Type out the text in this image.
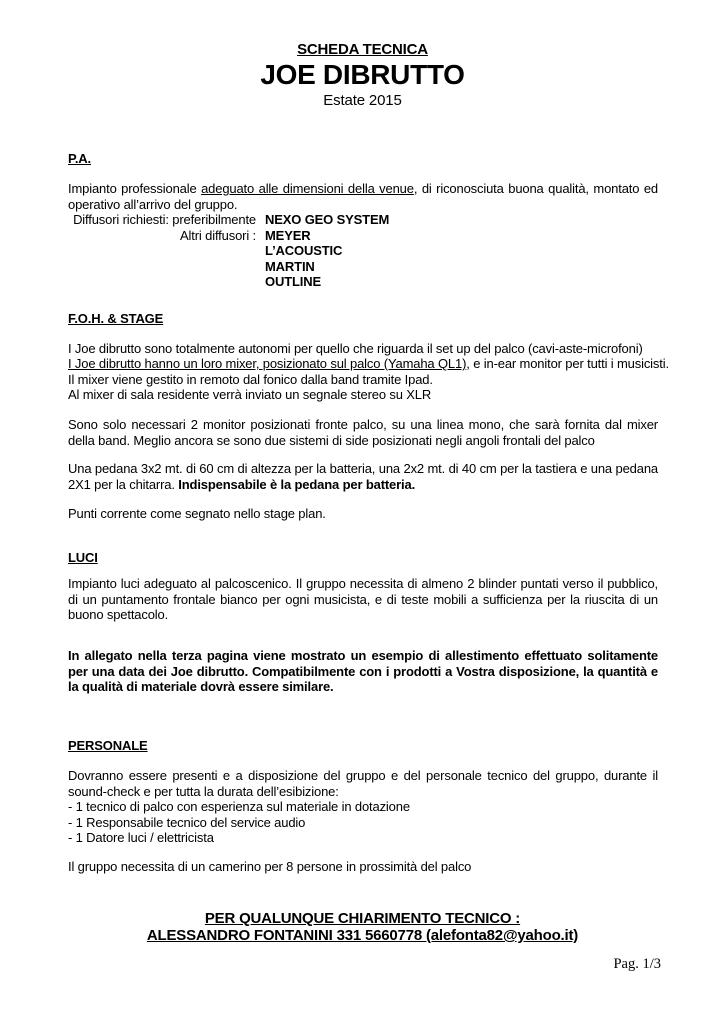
SCHEDA TECNICA
JOE DIBRUTTO
Estate 2015
P.A.

Impianto professionale adeguato alle dimensioni della venue, di riconosciuta buona qualità, montato ed operativo all’arrivo del gruppo.

Diffusori richiesti: preferibilmente NEXO GEO SYSTEM
Altri diffusori : MEYER
L’ACOUSTIC
MARTIN
OUTLINE
F.O.H. & STAGE
I Joe dibrutto sono totalmente autonomi per quello che riguarda il set up del palco (cavi-aste-microfoni)
I Joe dibrutto hanno un loro mixer, posizionato sul palco (Yamaha QL1), e in-ear monitor per tutti i musicisti.
Il mixer viene gestito in remoto dal fonico dalla band tramite Ipad.
Al mixer di sala residente verrà inviato un segnale stereo su XLR

Sono solo necessari 2 monitor posizionati fronte palco, su una linea mono, che sarà fornita dal mixer della band. Meglio ancora se sono due sistemi di side posizionati negli angoli frontali del palco

Una pedana 3x2 mt. di 60 cm di altezza per la batteria, una 2x2 mt. di 40 cm per la tastiera e una pedana 2X1 per la chitarra. Indispensabile è la pedana per batteria.

Punti corrente come segnato nello stage plan.
LUCI

Impianto luci adeguato al palcoscenico. Il gruppo necessita di almeno 2 blinder puntati verso il pubblico, di un puntamento frontale bianco per ogni musicista, e di teste mobili a sufficienza per la riuscita di un buono spettacolo.

In allegato nella terza pagina viene mostrato un esempio di allestimento effettuato solitamente per una data dei Joe dibrutto. Compatibilmente con i prodotti a Vostra disposizione, la quantità e la qualità di materiale dovrà essere similare.

PERSONALE

Dovranno essere presenti e a disposizione del gruppo e del personale tecnico del gruppo, durante il sound-check e per tutta la durata dell’esibizione:

- 1 tecnico di palco con esperienza sul materiale in dotazione
- 1 Responsabile tecnico del service audio
- 1 Datore luci / elettricista
Il gruppo necessita di un camerino per 8 persone in prossimità del palco
PER QUALUNQUE CHIARIMENTO TECNICO :
ALESSANDRO FONTANINI 331 5660778 (alefonta82@yahoo.it)
Pag. 1/3
